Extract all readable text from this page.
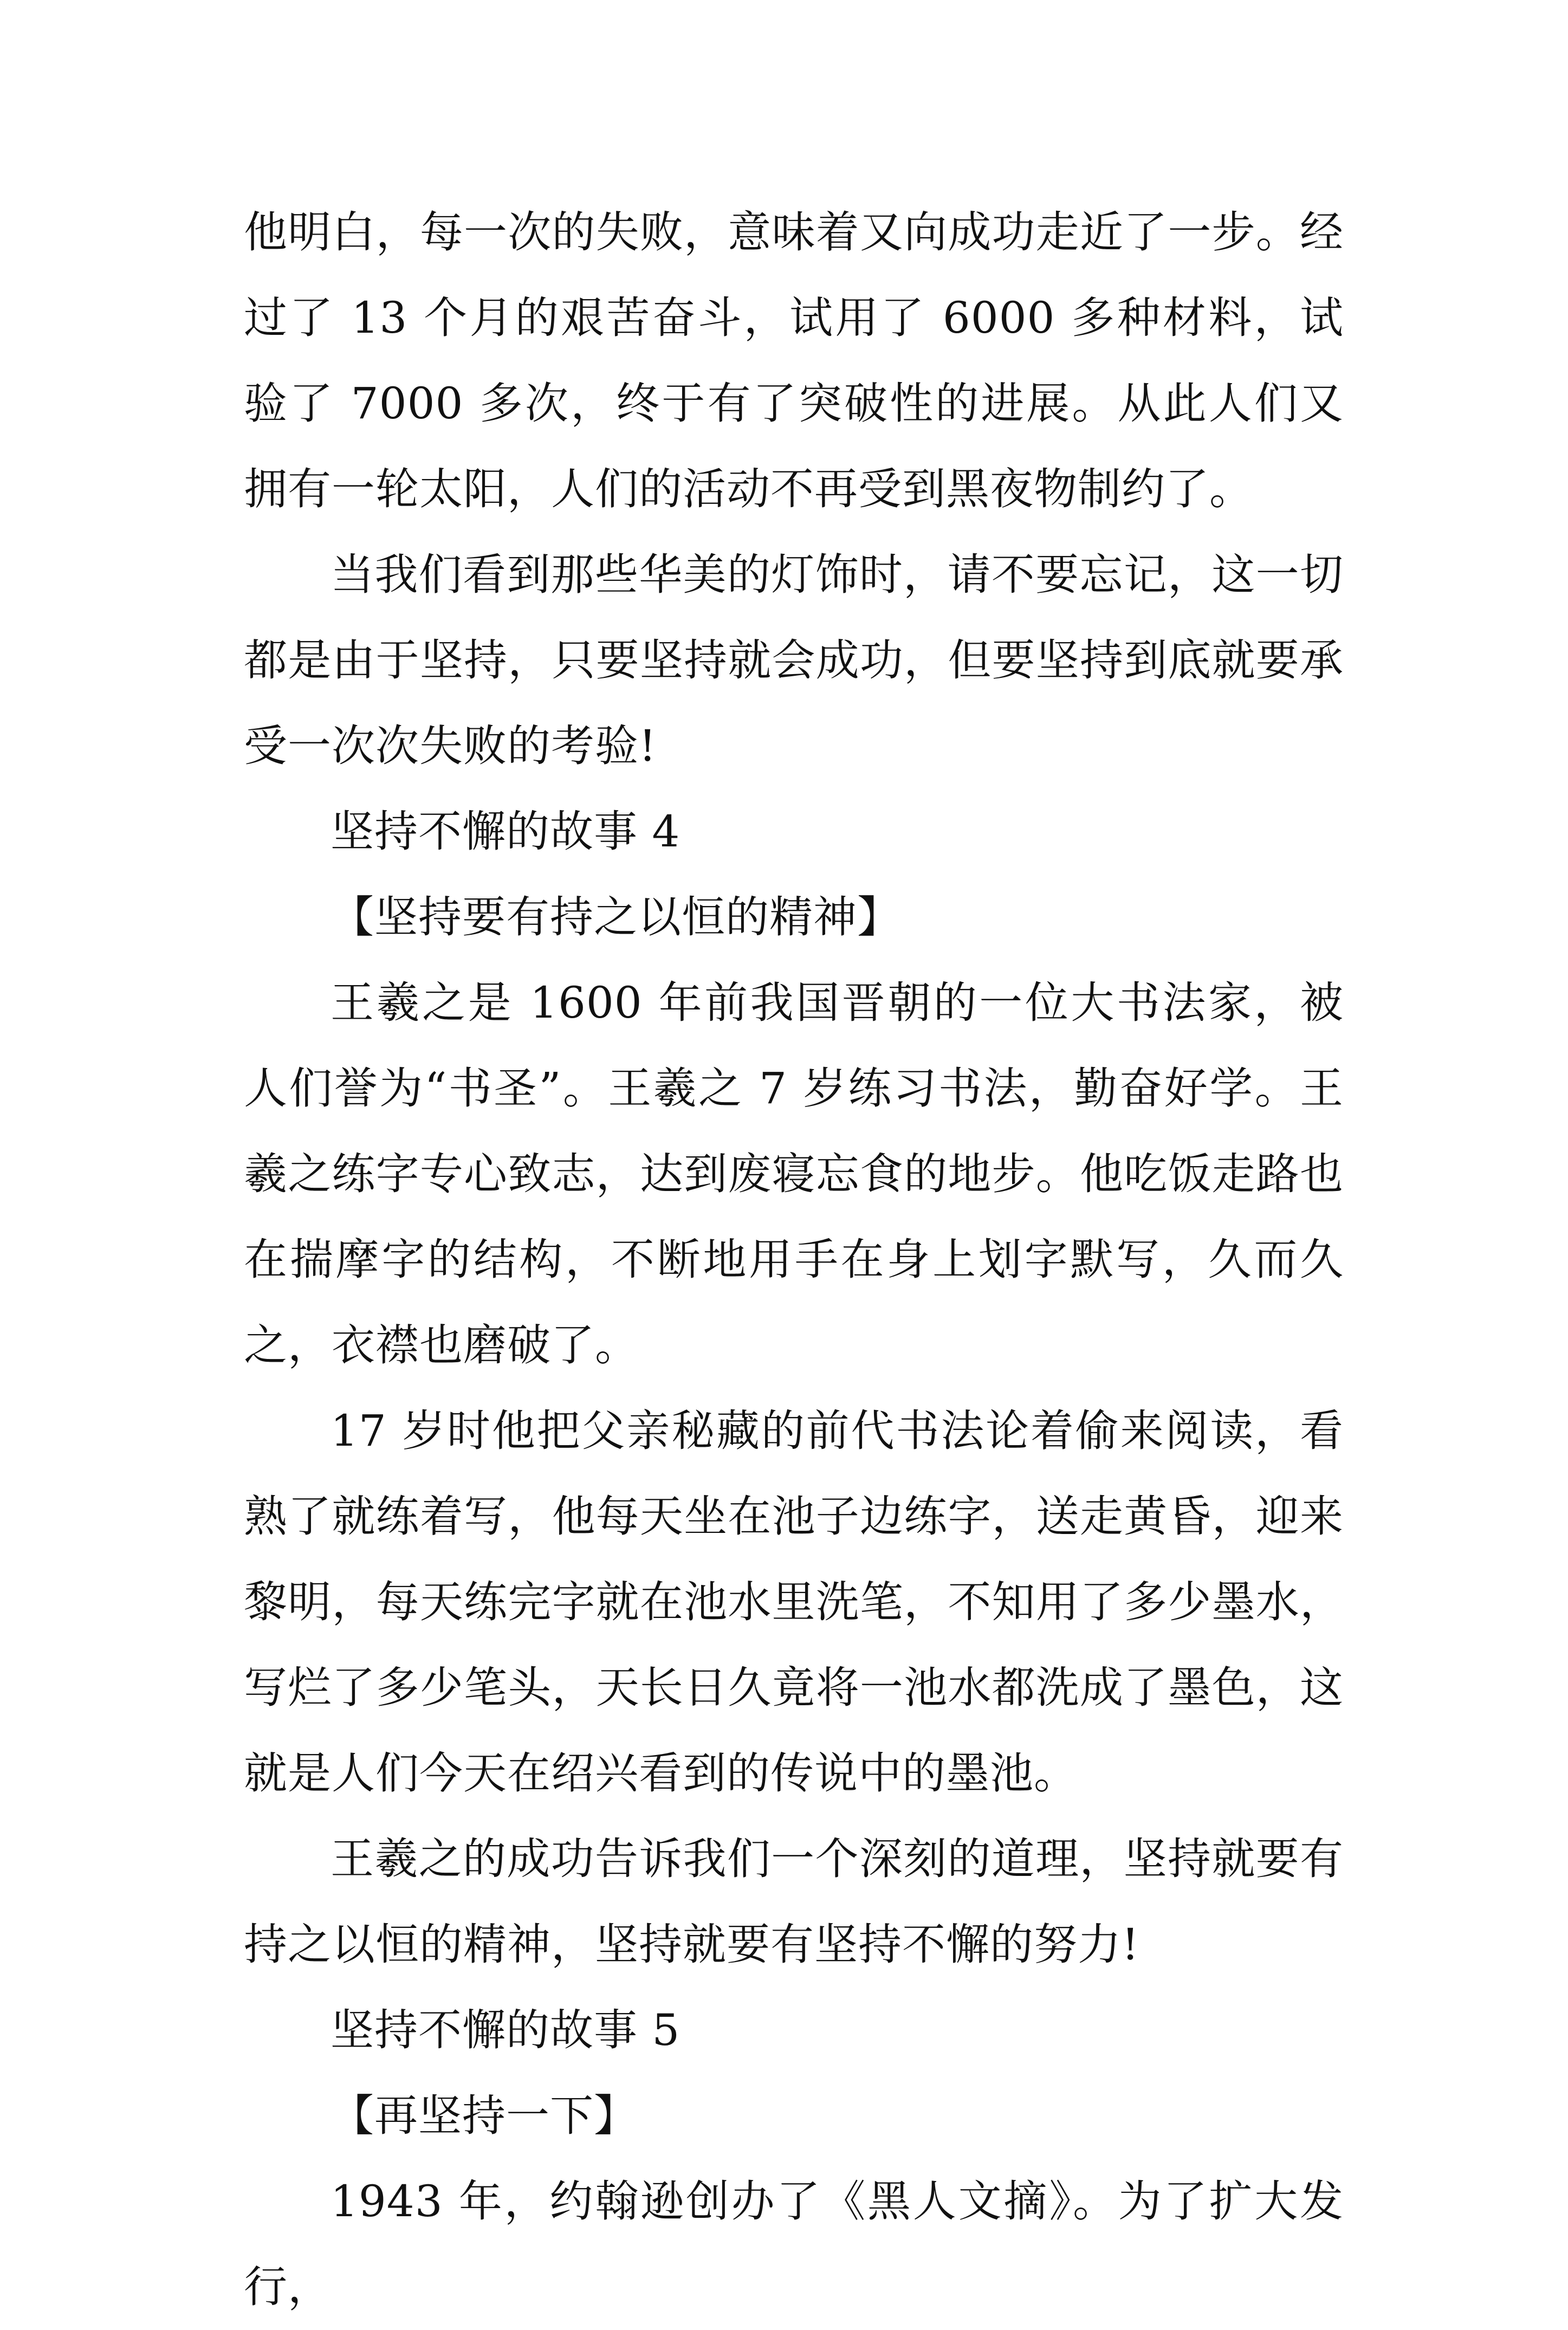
他明白，每一次的失败，意味着又向成功走近了一步。经过了 13 个月的艰苦奋斗，试用了 6000 多种材料，试验了 7000 多次，终于有了突破性的进展。从此人们又拥有一轮太阳，人们的活动不再受到黑夜物制约了。

当我们看到那些华美的灯饰时，请不要忘记，这一切都是由于坚持，只要坚持就会成功，但要坚持到底就要承受一次次失败的考验!

坚持不懈的故事 4

【坚持要有持之以恒的精神】

王羲之是 1600 年前我国晋朝的一位大书法家，被人们誉为“书圣”。王羲之 7 岁练习书法，勤奋好学。王羲之练字专心致志，达到废寝忘食的地步。他吃饭走路也在揣摩字的结构，不断地用手在身上划字默写，久而久之，衣襟也磨破了。

17 岁时他把父亲秘藏的前代书法论着偷来阅读，看熟了就练着写，他每天坐在池子边练字，送走黄昏，迎来黎明，每天练完字就在池水里洗笔，不知用了多少墨水，写烂了多少笔头，天长日久竟将一池水都洗成了墨色，这就是人们今天在绍兴看到的传说中的墨池。

王羲之的成功告诉我们一个深刻的道理，坚持就要有持之以恒的精神，坚持就要有坚持不懈的努力!

坚持不懈的故事 5

【再坚持一下】

1943 年，约翰逊创办了《黑人文摘》。为了扩大发行，
